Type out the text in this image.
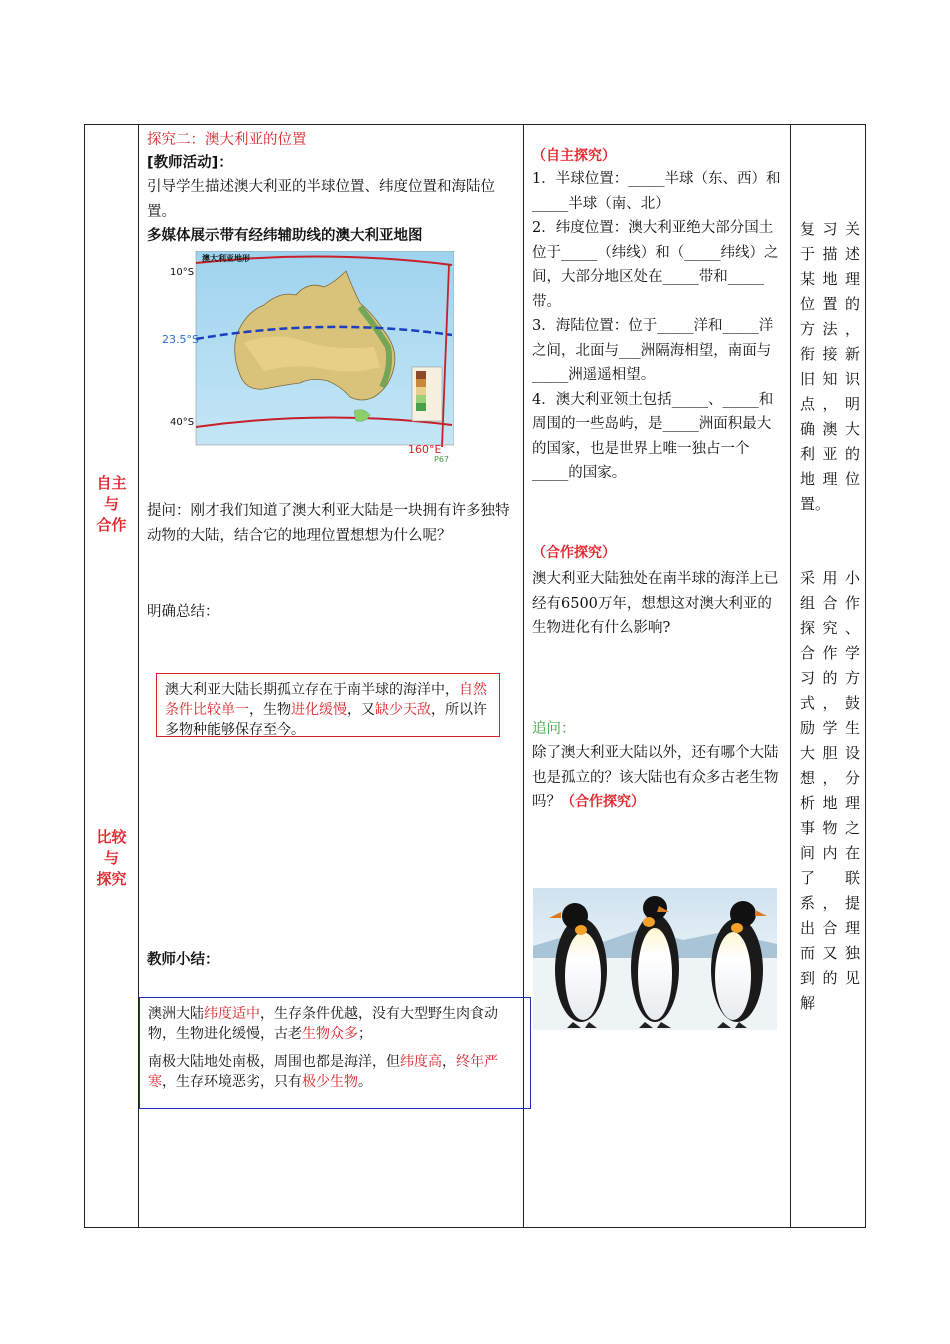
自主
与
合作
比较
与
探究

探究二：澳大利亚的位置

[教师活动]：

引导学生描述澳大利亚的半球位置、纬度位置和海陆位置。

多媒体展示带有经纬辅助线的澳大利亚地图
澳大利亚地形
10°S
23.5°S
40°S
160°E
P67

提问：刚才我们知道了澳大利亚大陆是一块拥有许多独特动物的大陆，结合它的地理位置想想为什么呢？

明确总结：

澳大利亚大陆长期孤立存在于南半球的海洋中，自然条件比较单一，生物进化缓慢，又缺少天敌，所以许多物种能够保存至今。
教师小结：
澳洲大陆纬度适中，生存条件优越，没有大型野生肉食动物，生物进化缓慢，古老生物众多；
南极大陆地处南极，周围也都是海洋，但纬度高，终年严寒，生存环境恶劣，只有极少生物。
（自主探究）

1．半球位置：_____半球（东、西）和_____半球（南、北）

2．纬度位置：澳大利亚绝大部分国土位于_____（纬线）和（_____纬线）之间，大部分地区处在_____带和_____带。

3．海陆位置：位于_____洋和_____洋之间，北面与___洲隔海相望，南面与_____洲遥遥相望。

4．澳大利亚领土包括_____、_____和周围的一些岛屿，是_____洲面积最大的国家，也是世界上唯一独占一个_____的国家。

（合作探究）

澳大利亚大陆独处在南半球的海洋上已经有6500万年，想想这对澳大利亚的生物进化有什么影响?

追问：

除了澳大利亚大陆以外，还有哪个大陆也是孤立的？该大陆也有众多古老生物吗？（合作探究）

复习关

于描述

某地理

位置的

方法，

衔接新

旧知识

点，明

确澳大

利亚的

地理位

置。

采用小

组合作

探究、

合作学

习的方

式，鼓

励学生

大胆设

想，分

析地理

事物之

间内在

了联

系，提

出合理

而又独

到的见

解
